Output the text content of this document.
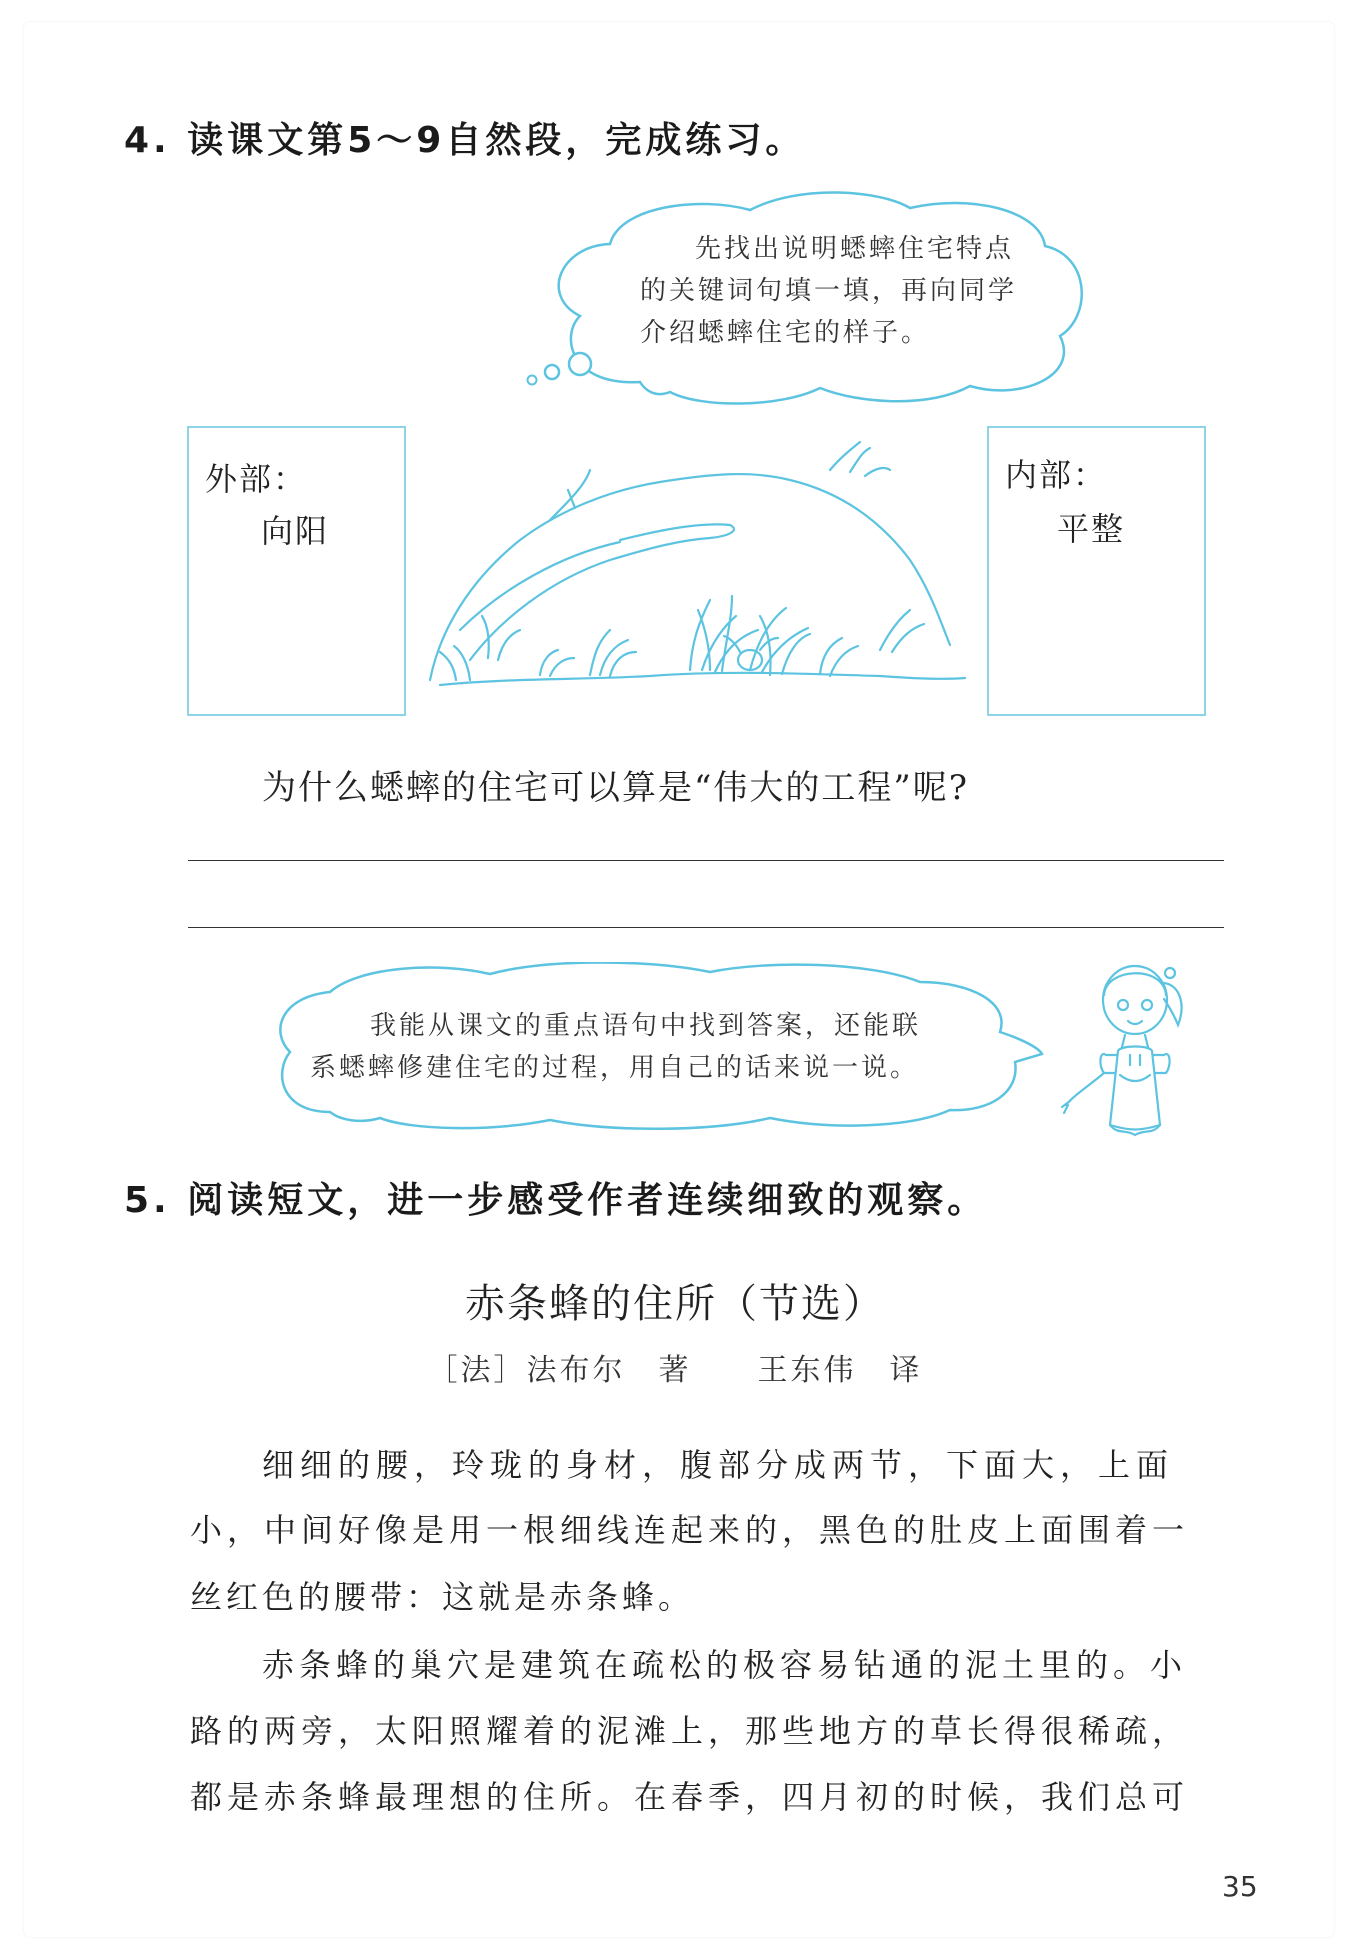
4. 读课文第5～9自然段，完成练习。
先找出说明蟋蟀住宅特点
的关键词句填一填，再向同学
介绍蟋蟀住宅的样子。
外部：
向阳
内部：
平整
为什么蟋蟀的住宅可以算是“伟大的工程”呢?
我能从课文的重点语句中找到答案，还能联
系蟋蟀修建住宅的过程，用自己的话来说一说。
5. 阅读短文，进一步感受作者连续细致的观察。
赤条蜂的住所（节选）
［法］法布尔　著　　王东伟　译
细细的腰，玲珑的身材，腹部分成两节，下面大，上面
小，中间好像是用一根细线连起来的，黑色的肚皮上面围着一
丝红色的腰带：这就是赤条蜂。
赤条蜂的巢穴是建筑在疏松的极容易钻通的泥土里的。小
路的两旁，太阳照耀着的泥滩上，那些地方的草长得很稀疏，
都是赤条蜂最理想的住所。在春季，四月初的时候，我们总可
35
